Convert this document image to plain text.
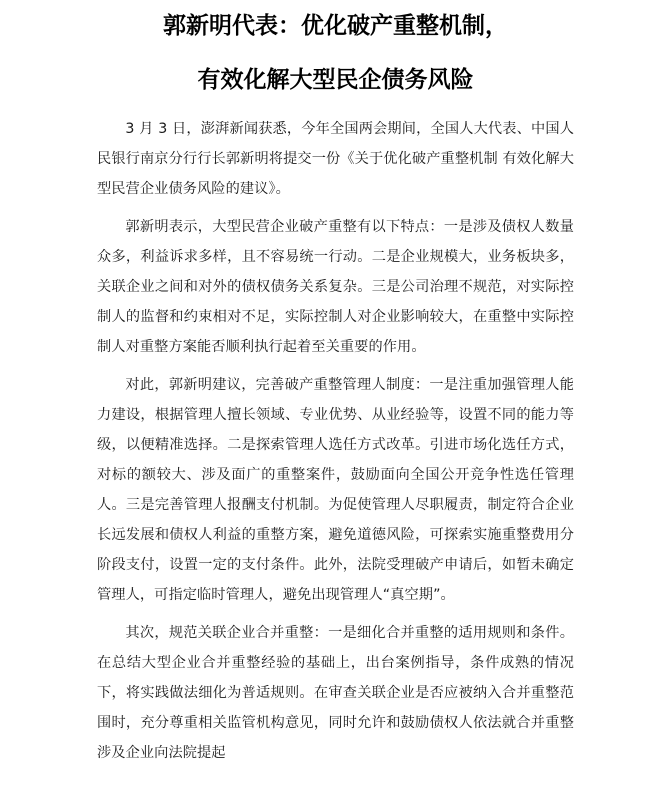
郭新明代表：优化破产重整机制，
有效化解大型民企债务风险

3 月 3 日，澎湃新闻获悉，今年全国两会期间，全国人大代表、中国人民银行南京分行行长郭新明将提交一份《关于优化破产重整机制 有效化解大型民营企业债务风险的建议》。

郭新明表示，大型民营企业破产重整有以下特点：一是涉及债权人数量众多，利益诉求多样，且不容易统一行动。二是企业规模大，业务板块多，关联企业之间和对外的债权债务关系复杂。三是公司治理不规范，对实际控制人的监督和约束相对不足，实际控制人对企业影响较大，在重整中实际控制人对重整方案能否顺利执行起着至关重要的作用。

对此，郭新明建议，完善破产重整管理人制度：一是注重加强管理人能力建设，根据管理人擅长领域、专业优势、从业经验等，设置不同的能力等级，以便精准选择。二是探索管理人选任方式改革。引进市场化选任方式，对标的额较大、涉及面广的重整案件，鼓励面向全国公开竞争性选任管理人。三是完善管理人报酬支付机制。为促使管理人尽职履责，制定符合企业长远发展和债权人利益的重整方案，避免道德风险，可探索实施重整费用分阶段支付，设置一定的支付条件。此外，法院受理破产申请后，如暂未确定管理人，可指定临时管理人，避免出现管理人“真空期”。

其次，规范关联企业合并重整：一是细化合并重整的适用规则和条件。在总结大型企业合并重整经验的基础上，出台案例指导，条件成熟的情况下，将实践做法细化为普适规则。在审查关联企业是否应被纳入合并重整范围时，充分尊重相关监管机构意见，同时允许和鼓励债权人依法就合并重整涉及企业向法院提起
